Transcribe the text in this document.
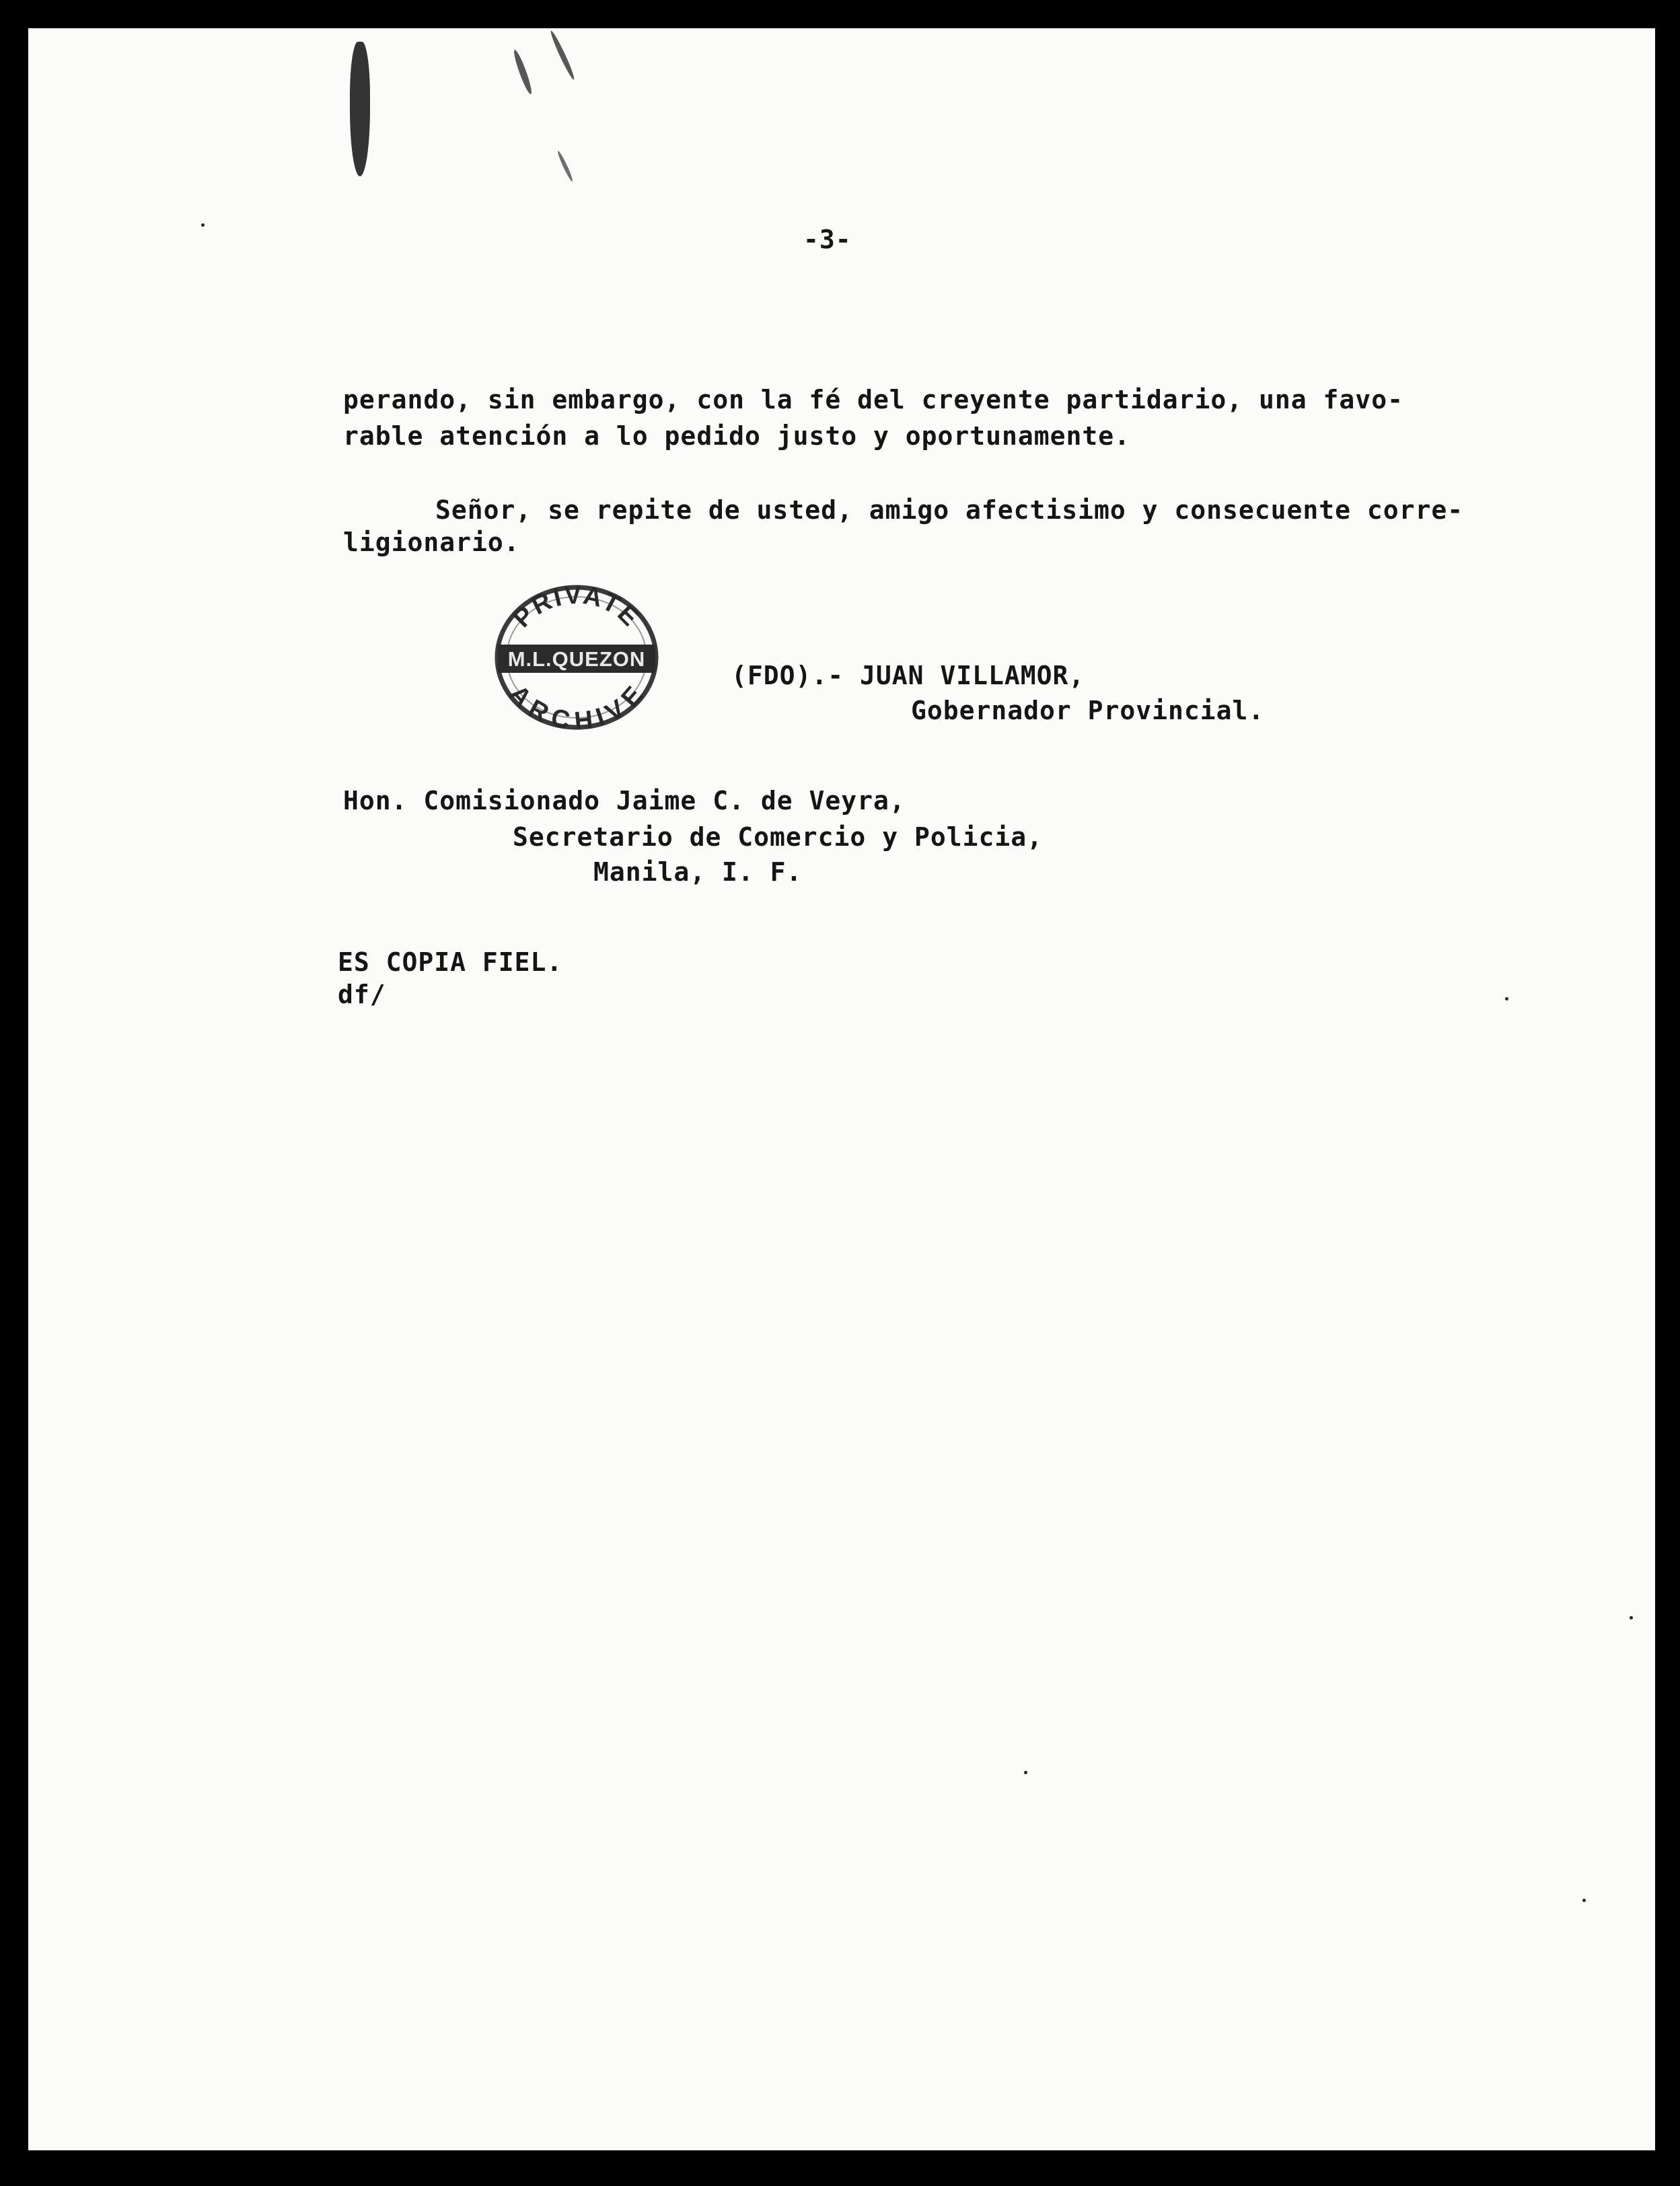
-3-
perando, sin embargo, con la fé del creyente partidario, una favo-
rable atención a lo pedido justo y oportunamente.
Señor, se repite de usted, amigo afectisimo y consecuente corre-
ligionario.
PRIVATE
M.L.QUEZON
ARCHIVE
(FDO).- JUAN VILLAMOR,
Gobernador Provincial.
Hon. Comisionado Jaime C. de Veyra,
Secretario de Comercio y Policia,
Manila, I. F.
ES COPIA FIEL.
df/
